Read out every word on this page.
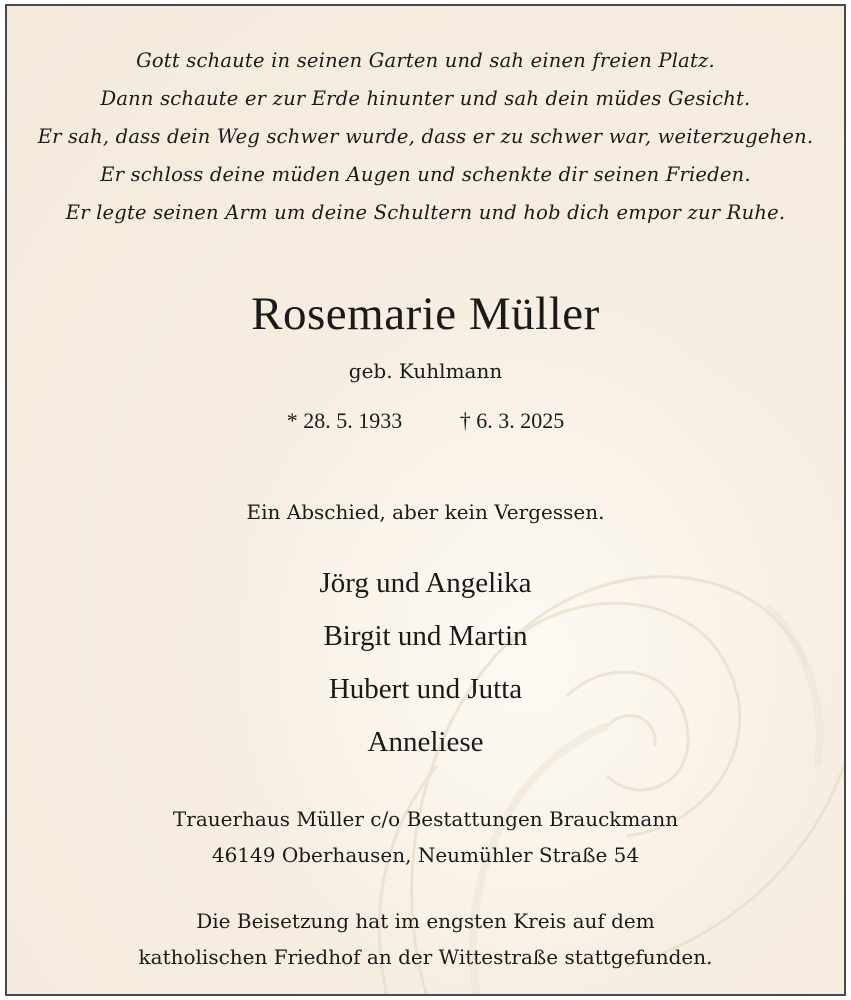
Gott schaute in seinen Garten und sah einen freien Platz.
Dann schaute er zur Erde hinunter und sah dein müdes Gesicht.
Er sah, dass dein Weg schwer wurde, dass er zu schwer war, weiterzugehen.
Er schloss deine müden Augen und schenkte dir seinen Frieden.
Er legte seinen Arm um deine Schultern und hob dich empor zur Ruhe.
Rosemarie Müller
geb. Kuhlmann
* 28. 5. 1933	† 6. 3. 2025
Ein Abschied, aber kein Vergessen.
Jörg und Angelika
Birgit und Martin
Hubert und Jutta
Anneliese
Trauerhaus Müller c/o Bestattungen Brauckmann
46149 Oberhausen, Neumühler Straße 54
Die Beisetzung hat im engsten Kreis auf dem
katholischen Friedhof an der Wittestraße stattgefunden.
